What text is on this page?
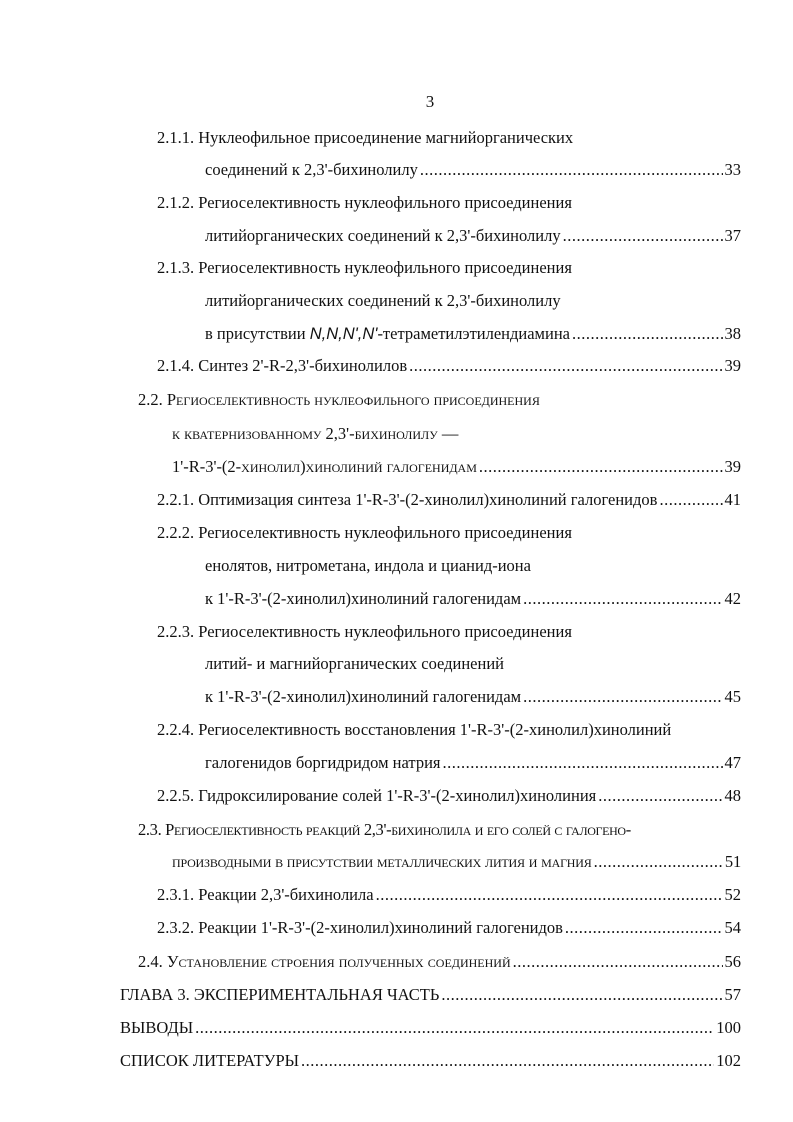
3
2.1.1. Нуклеофильное присоединение магнийорганических
соединений к 2,3'-бихинолилу .....	33
2.1.2. Региоселективность нуклеофильного присоединения
литийорганических соединений к 2,3'-бихинолилу .....	37
2.1.3. Региоселективность нуклеофильного присоединения
литийорганических соединений к 2,3'-бихинолилу
в присутствии N,N,N',N'-тетраметилэтилендиамина .....	38
2.1.4. Синтез 2'-R-2,3'-бихинолилов .....	39
2.2. Региоселективность нуклеофильного присоединения
к кватернизованному 2,3'-бихинолилу —
1'-R-3'-(2-хинолил)хинолиний галогенидам .....	39
2.2.1. Оптимизация синтеза 1'-R-3'-(2-хинолил)хинолиний галогенидов .....	41
2.2.2. Региоселективность нуклеофильного присоединения
енолятов, нитрометана, индола и цианид-иона
к 1'-R-3'-(2-хинолил)хинолиний галогенидам .....	42
2.2.3. Региоселективность нуклеофильного присоединения
литий- и магнийорганических соединений
к 1'-R-3'-(2-хинолил)хинолиний галогенидам .....	45
2.2.4. Региоселективность восстановления 1'-R-3'-(2-хинолил)хинолиний
галогенидов боргидридом натрия .....	47
2.2.5. Гидроксилирование солей 1'-R-3'-(2-хинолил)хинолиния .....	48
2.3. Региоселективность реакций 2,3'-бихинолила и его солей с галогено-
производными в присутствии металлических лития и магния .....	51
2.3.1. Реакции 2,3'-бихинолила .....	52
2.3.2. Реакции 1'-R-3'-(2-хинолил)хинолиний галогенидов .....	54
2.4. Установление строения полученных соединений .....	56
ГЛАВА 3. ЭКСПЕРИМЕНТАЛЬНАЯ ЧАСТЬ .....	57
ВЫВОДЫ .....	100
СПИСОК ЛИТЕРАТУРЫ .....	102
